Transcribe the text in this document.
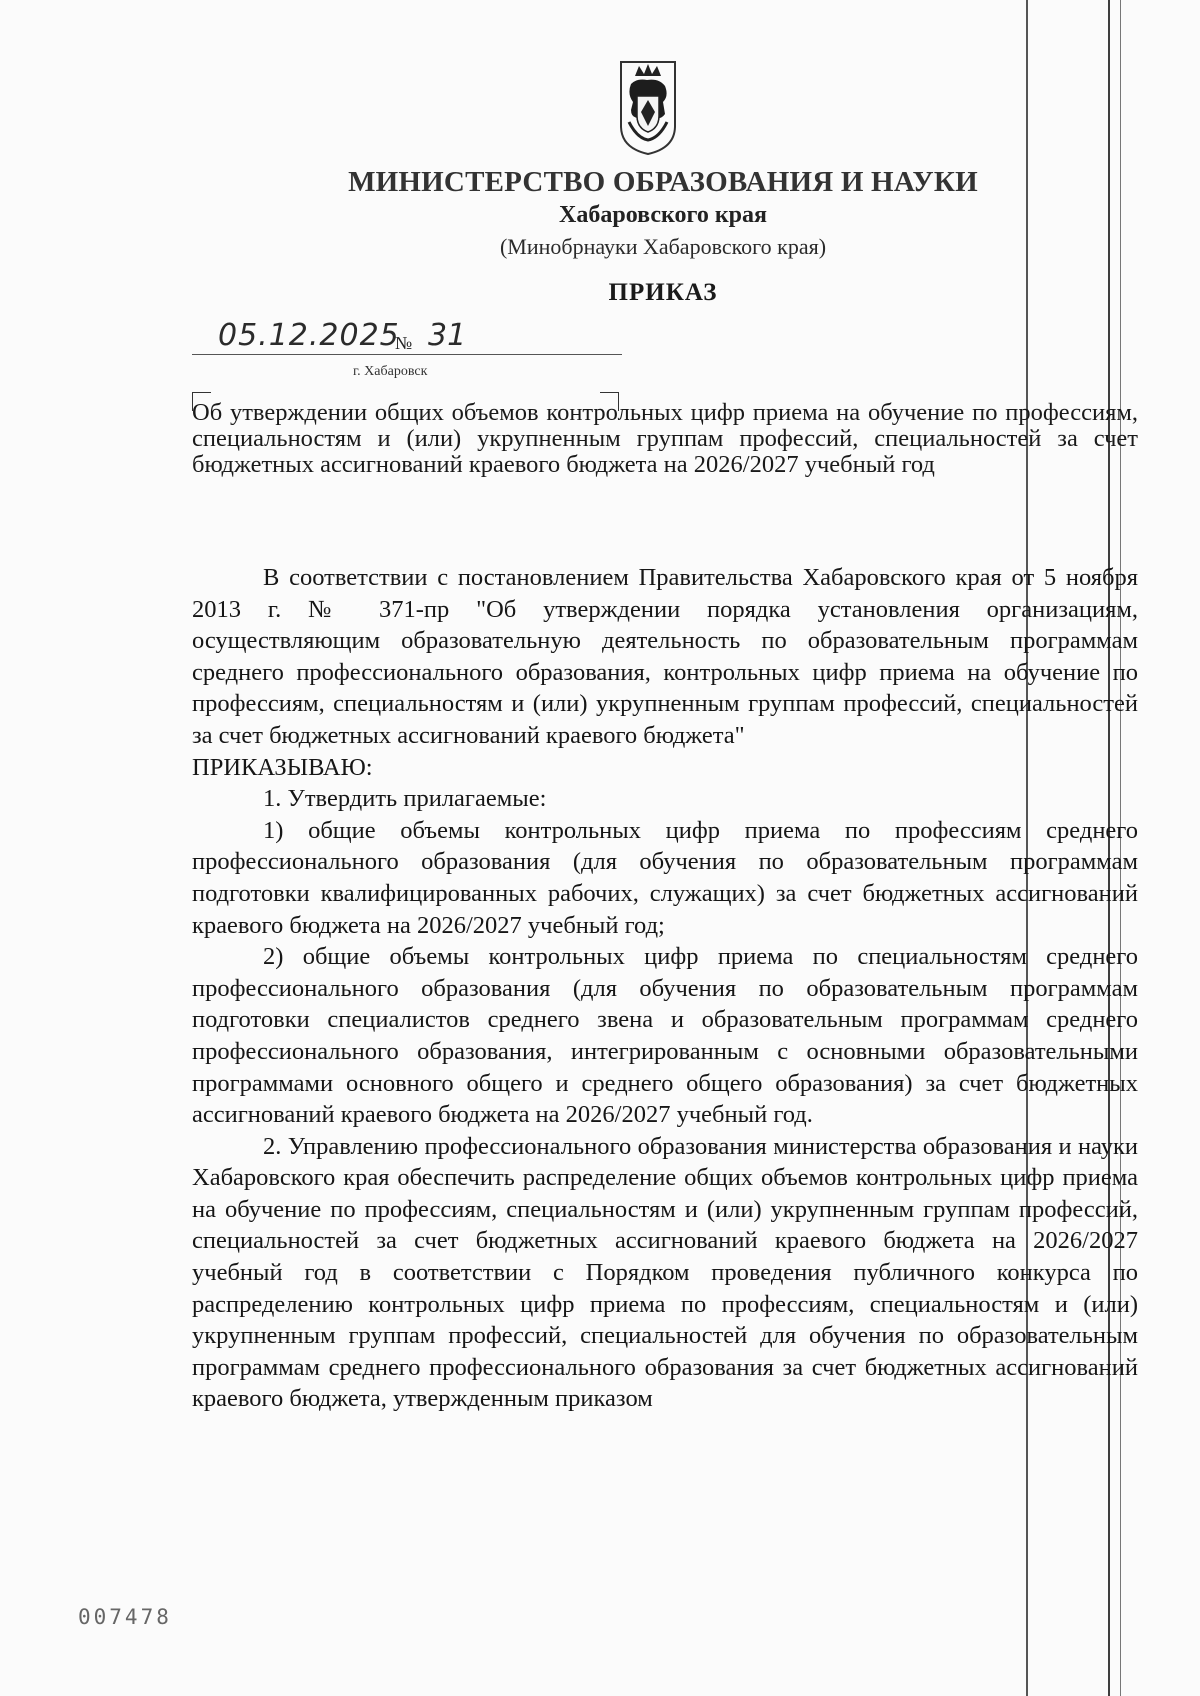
МИНИСТЕРСТВО ОБРАЗОВАНИЯ И НАУКИ
Хабаровского края
(Минобрнауки Хабаровского края)
ПРИКАЗ
05.12.2025
№ 31
г. Хабаровск
Об утверждении общих объемов контрольных цифр приема на обучение по профессиям, специальностям и (или) укрупненным группам профессий, специальностей за счет бюджетных ассигнований краевого бюджета на 2026/2027 учебный год

В соответствии с постановлением Правительства Хабаровского края от 5 ноября 2013 г. № 371-пр "Об утверждении порядка установления организациям, осуществляющим образовательную деятельность по образовательным программам среднего профессионального образования, контрольных цифр приема на обучение по профессиям, специальностям и (или) укрупненным группам профессий, специальностей за счет бюджетных ассигнований краевого бюджета"

ПРИКАЗЫВАЮ:

1. Утвердить прилагаемые:

1) общие объемы контрольных цифр приема по профессиям среднего профессионального образования (для обучения по образовательным программам подготовки квалифицированных рабочих, служащих) за счет бюджетных ассигнований краевого бюджета на 2026/2027 учебный год;

2) общие объемы контрольных цифр приема по специальностям среднего профессионального образования (для обучения по образовательным программам подготовки специалистов среднего звена и образовательным программам среднего профессионального образования, интегрированным с основными образовательными программами основного общего и среднего общего образования) за счет бюджетных ассигнований краевого бюджета на 2026/2027 учебный год.

2. Управлению профессионального образования министерства образования и науки Хабаровского края обеспечить распределение общих объемов контрольных цифр приема на обучение по профессиям, специальностям и (или) укрупненным группам профессий, специальностей за счет бюджетных ассигнований краевого бюджета на 2026/2027 учебный год в соответствии с Порядком проведения публичного конкурса по распределению контрольных цифр приема по профессиям, специальностям и (или) укрупненным группам профессий, специальностей для обучения по образовательным программам среднего профессионального образования за счет бюджетных ассигнований краевого бюджета, утвержденным приказом

007478
